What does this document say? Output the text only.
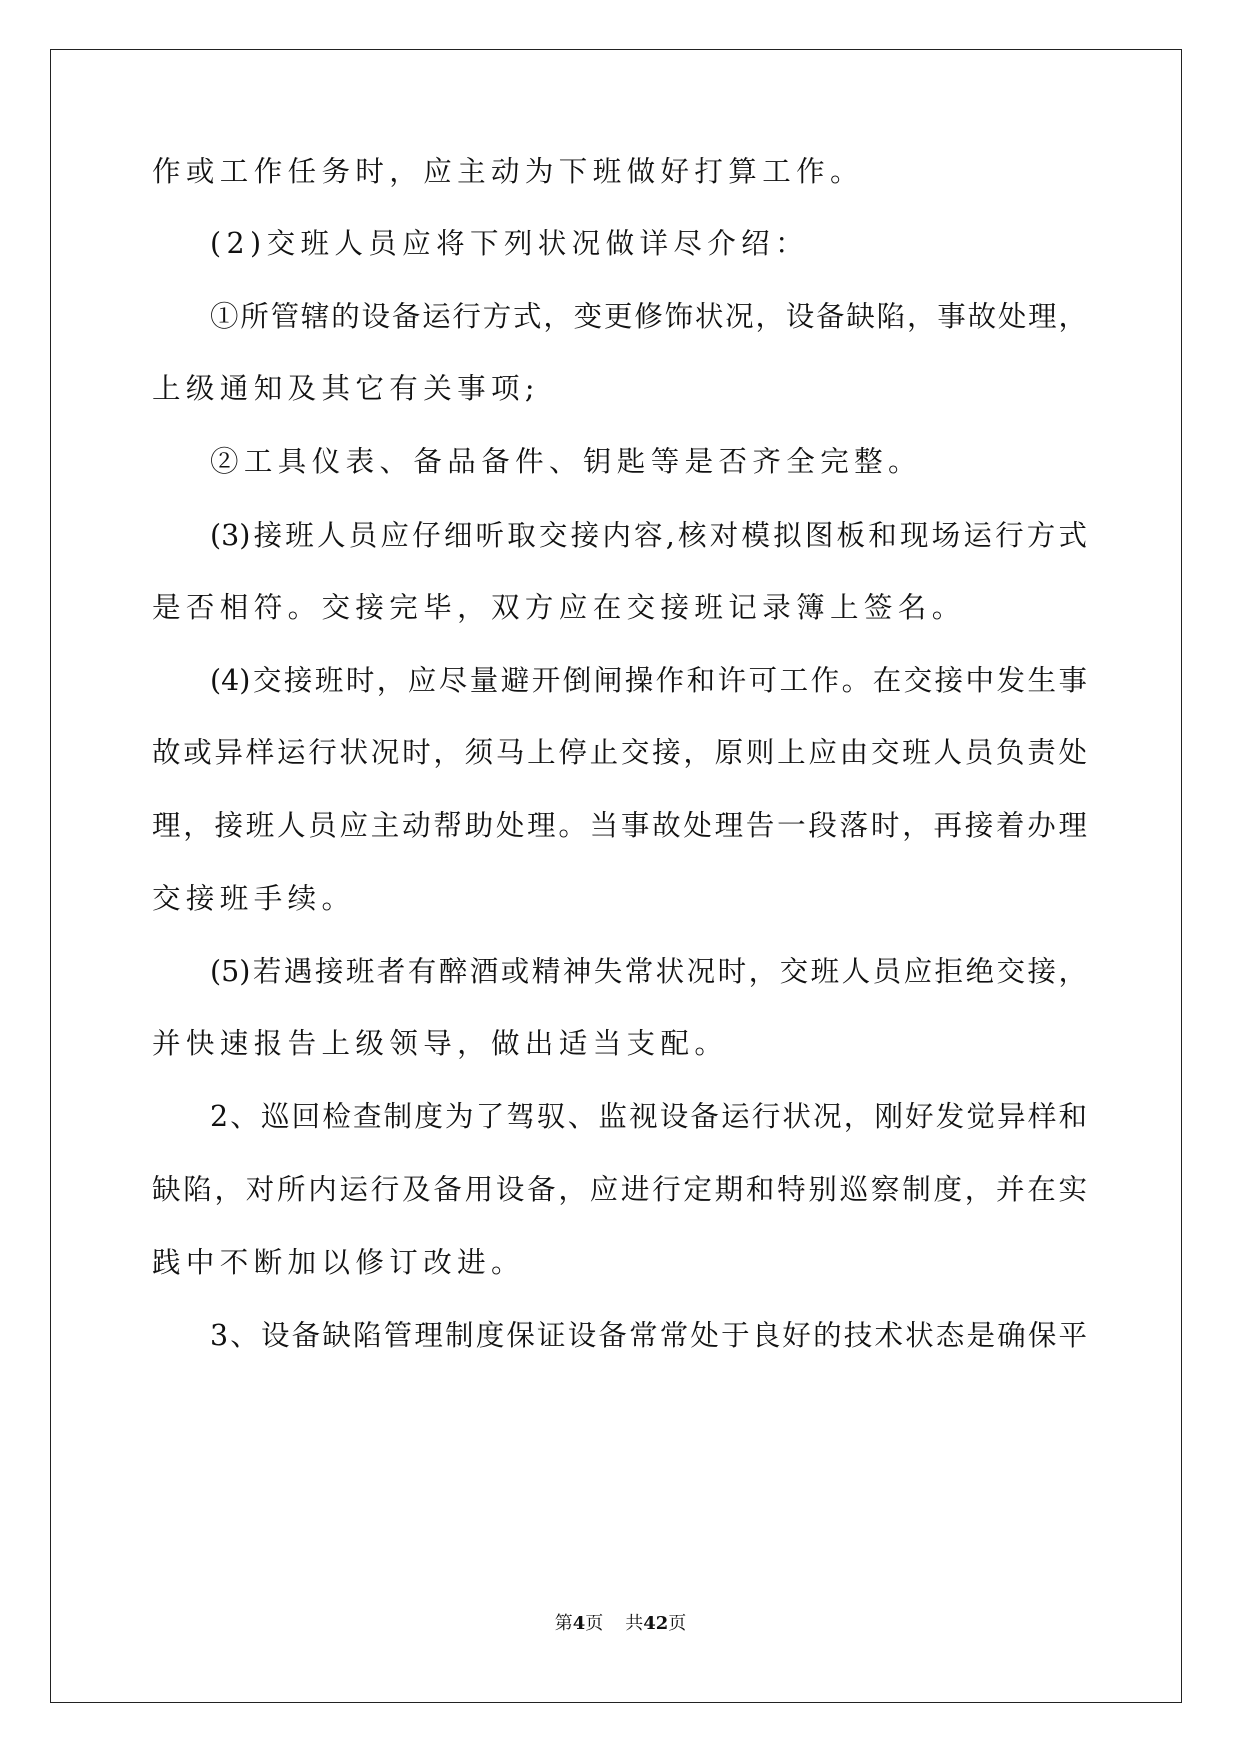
作或工作任务时，应主动为下班做好打算工作。
(2)交班人员应将下列状况做详尽介绍：
①所管辖的设备运行方式，变更修饰状况，设备缺陷，事故处理，
上级通知及其它有关事项;
②工具仪表、备品备件、钥匙等是否齐全完整。
(3)接班人员应仔细听取交接内容,核对模拟图板和现场运行方式
是否相符。交接完毕，双方应在交接班记录簿上签名。
(4)交接班时，应尽量避开倒闸操作和许可工作。在交接中发生事
故或异样运行状况时，须马上停止交接，原则上应由交班人员负责处
理，接班人员应主动帮助处理。当事故处理告一段落时，再接着办理
交接班手续。
(5)若遇接班者有醉酒或精神失常状况时，交班人员应拒绝交接，
并快速报告上级领导，做出适当支配。
2、巡回检查制度为了驾驭、监视设备运行状况，刚好发觉异样和
缺陷，对所内运行及备用设备，应进行定期和特别巡察制度，并在实
践中不断加以修订改进。
3、设备缺陷管理制度保证设备常常处于良好的技术状态是确保平
第4页 共42页
